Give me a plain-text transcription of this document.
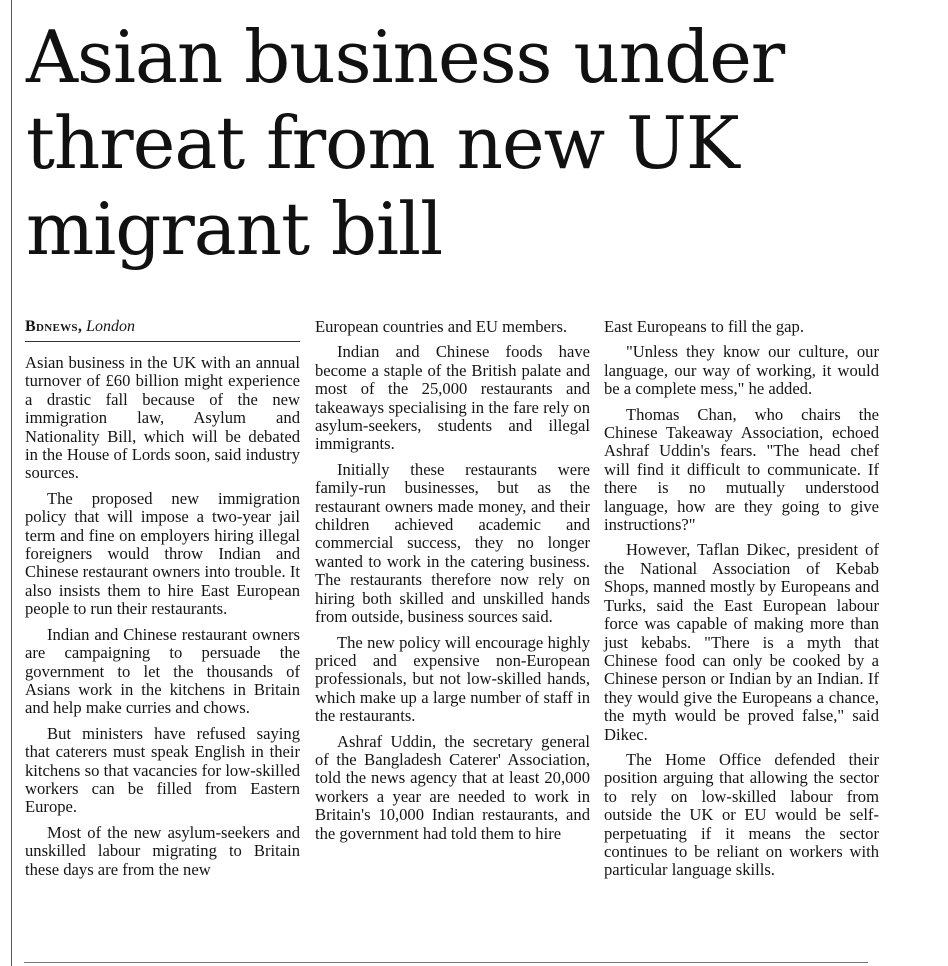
Asian business under threat from new UK migrant bill
Bdnews, London

Asian business in the UK with an annual turnover of £60 billion might experience a drastic fall because of the new immigration law, Asylum and Nationality Bill, which will be debated in the House of Lords soon, said industry sources.

The proposed new immigration policy that will impose a two-year jail term and fine on employers hiring illegal foreigners would throw Indian and Chinese restaurant owners into trouble. It also insists them to hire East European people to run their restaurants.

Indian and Chinese restaurant owners are campaigning to persuade the government to let the thousands of Asians work in the kitchens in Britain and help make curries and chows.

But ministers have refused saying that caterers must speak English in their kitchens so that vacancies for low-skilled workers can be filled from Eastern Europe.

Most of the new asylum-seekers and unskilled labour migrating to Britain these days are from the new

European countries and EU members.

Indian and Chinese foods have become a staple of the British palate and most of the 25,000 restaurants and takeaways specialising in the fare rely on asylum-seekers, students and illegal immigrants.

Initially these restaurants were family-run businesses, but as the restaurant owners made money, and their children achieved academic and commercial success, they no longer wanted to work in the catering business. The restaurants therefore now rely on hiring both skilled and unskilled hands from outside, business sources said.

The new policy will encourage highly priced and expensive non-European professionals, but not low-skilled hands, which make up a large number of staff in the restaurants.

Ashraf Uddin, the secretary general of the Bangladesh Caterer' Association, told the news agency that at least 20,000 workers a year are needed to work in Britain's 10,000 Indian restaurants, and the government had told them to hire

East Europeans to fill the gap.

"Unless they know our culture, our language, our way of working, it would be a complete mess," he added.

Thomas Chan, who chairs the Chinese Takeaway Association, echoed Ashraf Uddin's fears. "The head chef will find it difficult to communicate. If there is no mutually understood language, how are they going to give instructions?"

However, Taflan Dikec, president of the National Association of Kebab Shops, manned mostly by Europeans and Turks, said the East European labour force was capable of making more than just kebabs. "There is a myth that Chinese food can only be cooked by a Chinese person or Indian by an Indian. If they would give the Europeans a chance, the myth would be proved false," said Dikec.

The Home Office defended their position arguing that allowing the sector to rely on low-skilled labour from outside the UK or EU would be self-perpetuating if it means the sector continues to be reliant on workers with particular language skills.
